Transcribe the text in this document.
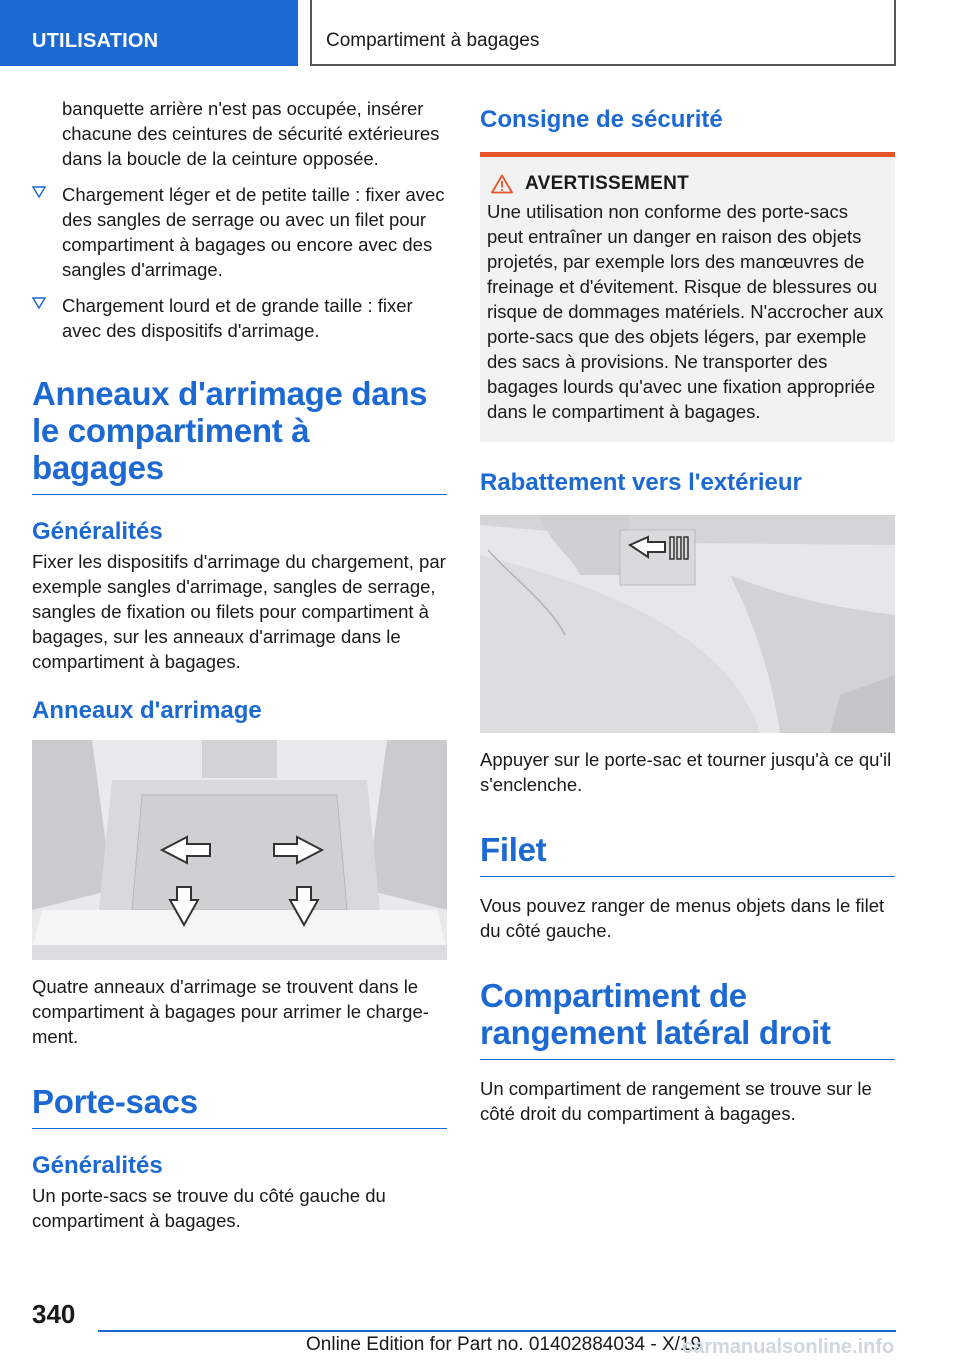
UTILISATION	Compartiment à bagages

banquette arrière n'est pas occupée, insérer chacune des ceintures de sécurité extérieures dans la boucle de la ceinture opposée.

Chargement léger et de petite taille : fixer avec des sangles de serrage ou avec un filet pour compartiment à bagages ou encore avec des sangles d'arrimage.
Chargement lourd et de grande taille : fixer avec des dispositifs d'arrimage.
Anneaux d'arrimage dans le compartiment à bagages
Généralités

Fixer les dispositifs d'arrimage du chargement, par exemple sangles d'arrimage, sangles de serrage, sangles de fixation ou filets pour compartiment à bagages, sur les anneaux d'arrimage dans le compartiment à bagages.

Anneaux d'arrimage

Quatre anneaux d'arrimage se trouvent dans le compartiment à bagages pour arrimer le chargement.

Porte-sacs
Généralités

Un porte-sacs se trouve du côté gauche du compartiment à bagages.

Consigne de sécurité
AVERTISSEMENT

Une utilisation non conforme des porte-sacs peut entraîner un danger en raison des objets projetés, par exemple lors des manœuvres de freinage et d'évitement. Risque de blessures ou risque de dommages matériels. N'accrocher aux porte-sacs que des objets légers, par exemple des sacs à provisions. Ne transporter des bagages lourds qu'avec une fixation appropriée dans le compartiment à bagages.

Rabattement vers l'extérieur

Appuyer sur le porte-sac et tourner jusqu'à ce qu'il s'enclenche.

Filet

Vous pouvez ranger de menus objets dans le filet du côté gauche.

Compartiment de rangement latéral droit

Un compartiment de rangement se trouve sur le côté droit du compartiment à bagages.

340
Online Edition for Part no. 01402884034 - X/19
carmanualsonline.info
